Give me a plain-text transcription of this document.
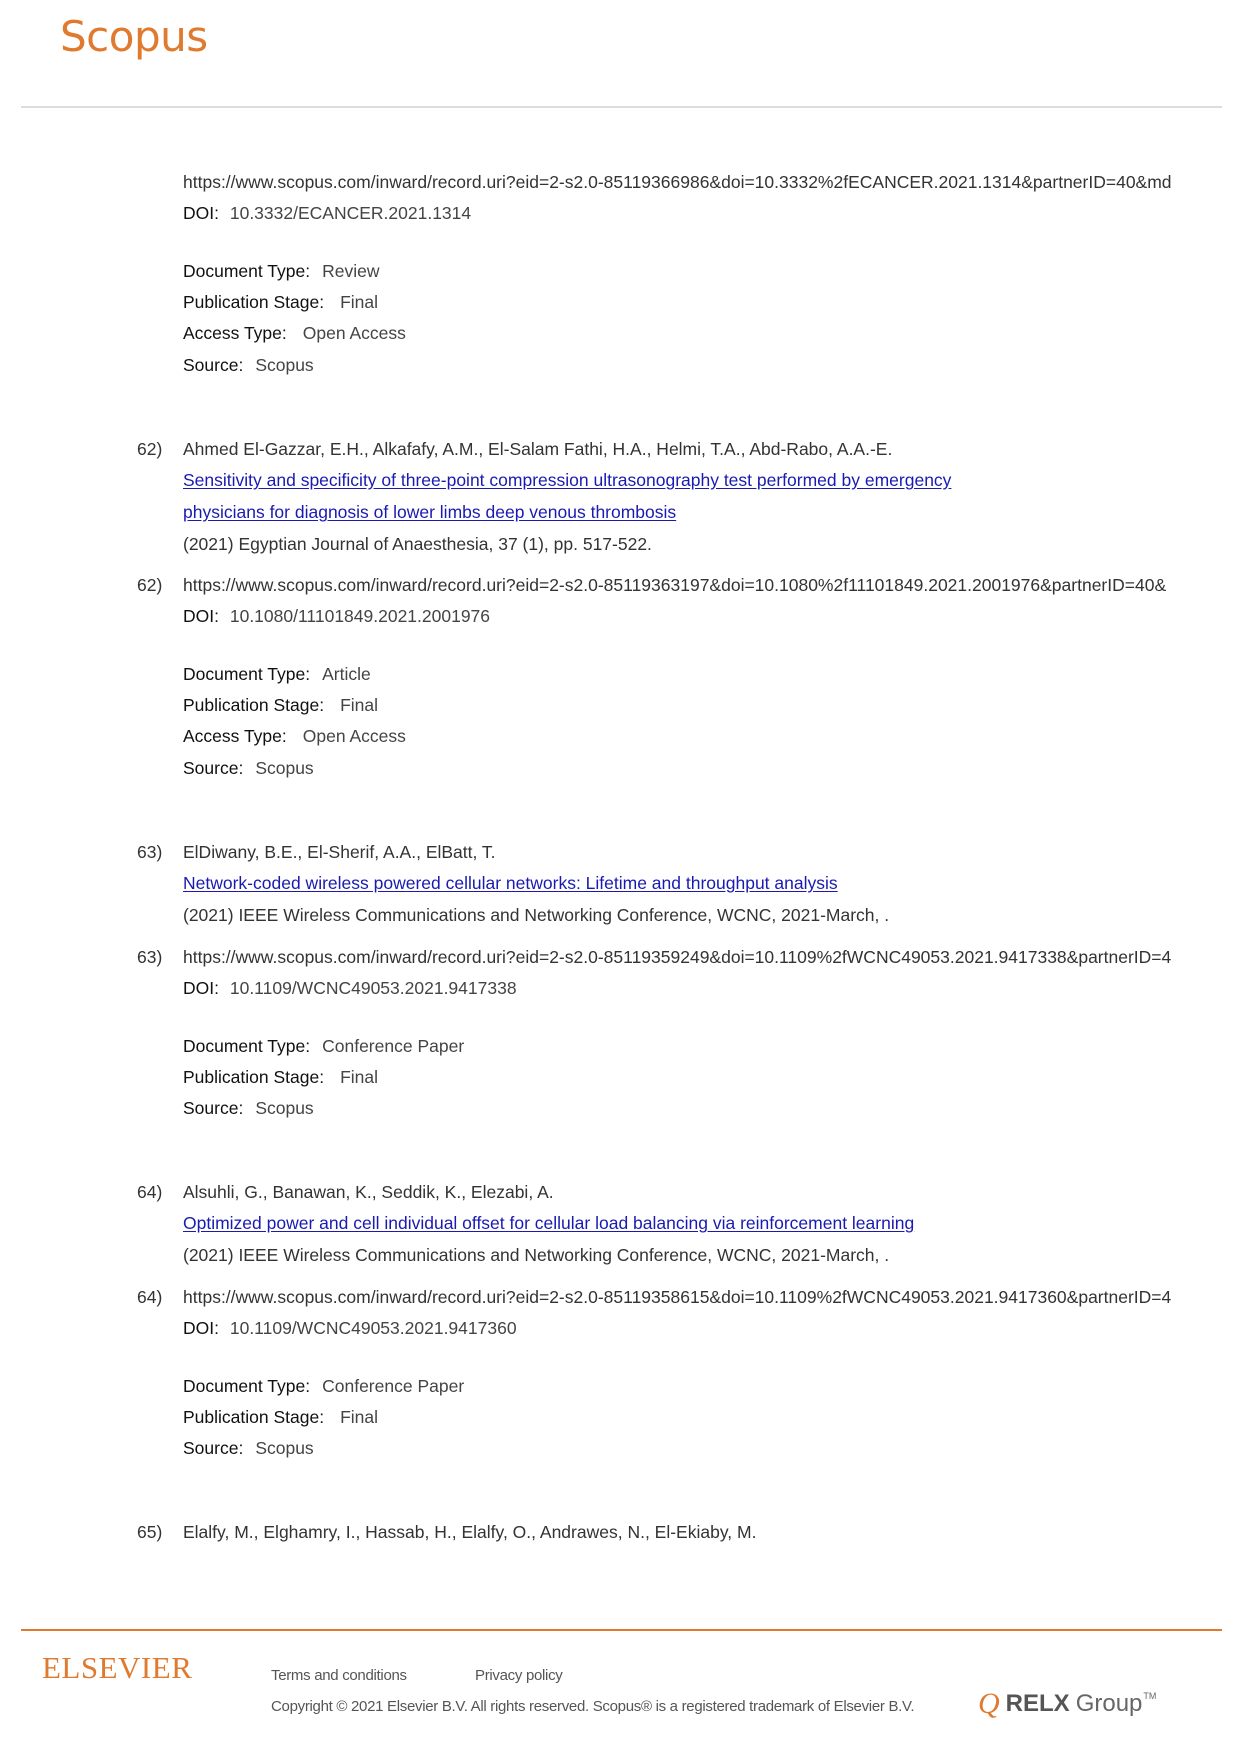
Scopus
https://www.scopus.com/inward/record.uri?eid=2-s2.0-85119366986&doi=10.3332%2fECANCER.2021.1314&partnerID=40&md
DOI: 10.3332/ECANCER.2021.1314
Document Type: Review
Publication Stage: Final
Access Type: Open Access
Source: Scopus
62) Ahmed El-Gazzar, E.H., Alkafafy, A.M., El-Salam Fathi, H.A., Helmi, T.A., Abd-Rabo, A.A.-E.
Sensitivity and specificity of three-point compression ultrasonography test performed by emergency
physicians for diagnosis of lower limbs deep venous thrombosis
(2021) Egyptian Journal of Anaesthesia, 37 (1), pp. 517-522.
62) https://www.scopus.com/inward/record.uri?eid=2-s2.0-85119363197&doi=10.1080%2f11101849.2021.2001976&partnerID=40&
DOI: 10.1080/11101849.2021.2001976
Document Type: Article
Publication Stage: Final
Access Type: Open Access
Source: Scopus
63) ElDiwany, B.E., El-Sherif, A.A., ElBatt, T.
Network-coded wireless powered cellular networks: Lifetime and throughput analysis
(2021) IEEE Wireless Communications and Networking Conference, WCNC, 2021-March, .
63) https://www.scopus.com/inward/record.uri?eid=2-s2.0-85119359249&doi=10.1109%2fWCNC49053.2021.9417338&partnerID=4
DOI: 10.1109/WCNC49053.2021.9417338
Document Type: Conference Paper
Publication Stage: Final
Source: Scopus
64) Alsuhli, G., Banawan, K., Seddik, K., Elezabi, A.
Optimized power and cell individual offset for cellular load balancing via reinforcement learning
(2021) IEEE Wireless Communications and Networking Conference, WCNC, 2021-March, .
64) https://www.scopus.com/inward/record.uri?eid=2-s2.0-85119358615&doi=10.1109%2fWCNC49053.2021.9417360&partnerID=4
DOI: 10.1109/WCNC49053.2021.9417360
Document Type: Conference Paper
Publication Stage: Final
Source: Scopus
65) Elalfy, M., Elghamry, I., Hassab, H., Elalfy, O., Andrawes, N., El-Ekiaby, M.
ELSEVIER	Terms and conditions	Privacy policy
Copyright © 2021 Elsevier B.V. All rights reserved. Scopus® is a registered trademark of Elsevier B.V. Q RELX Group TM
